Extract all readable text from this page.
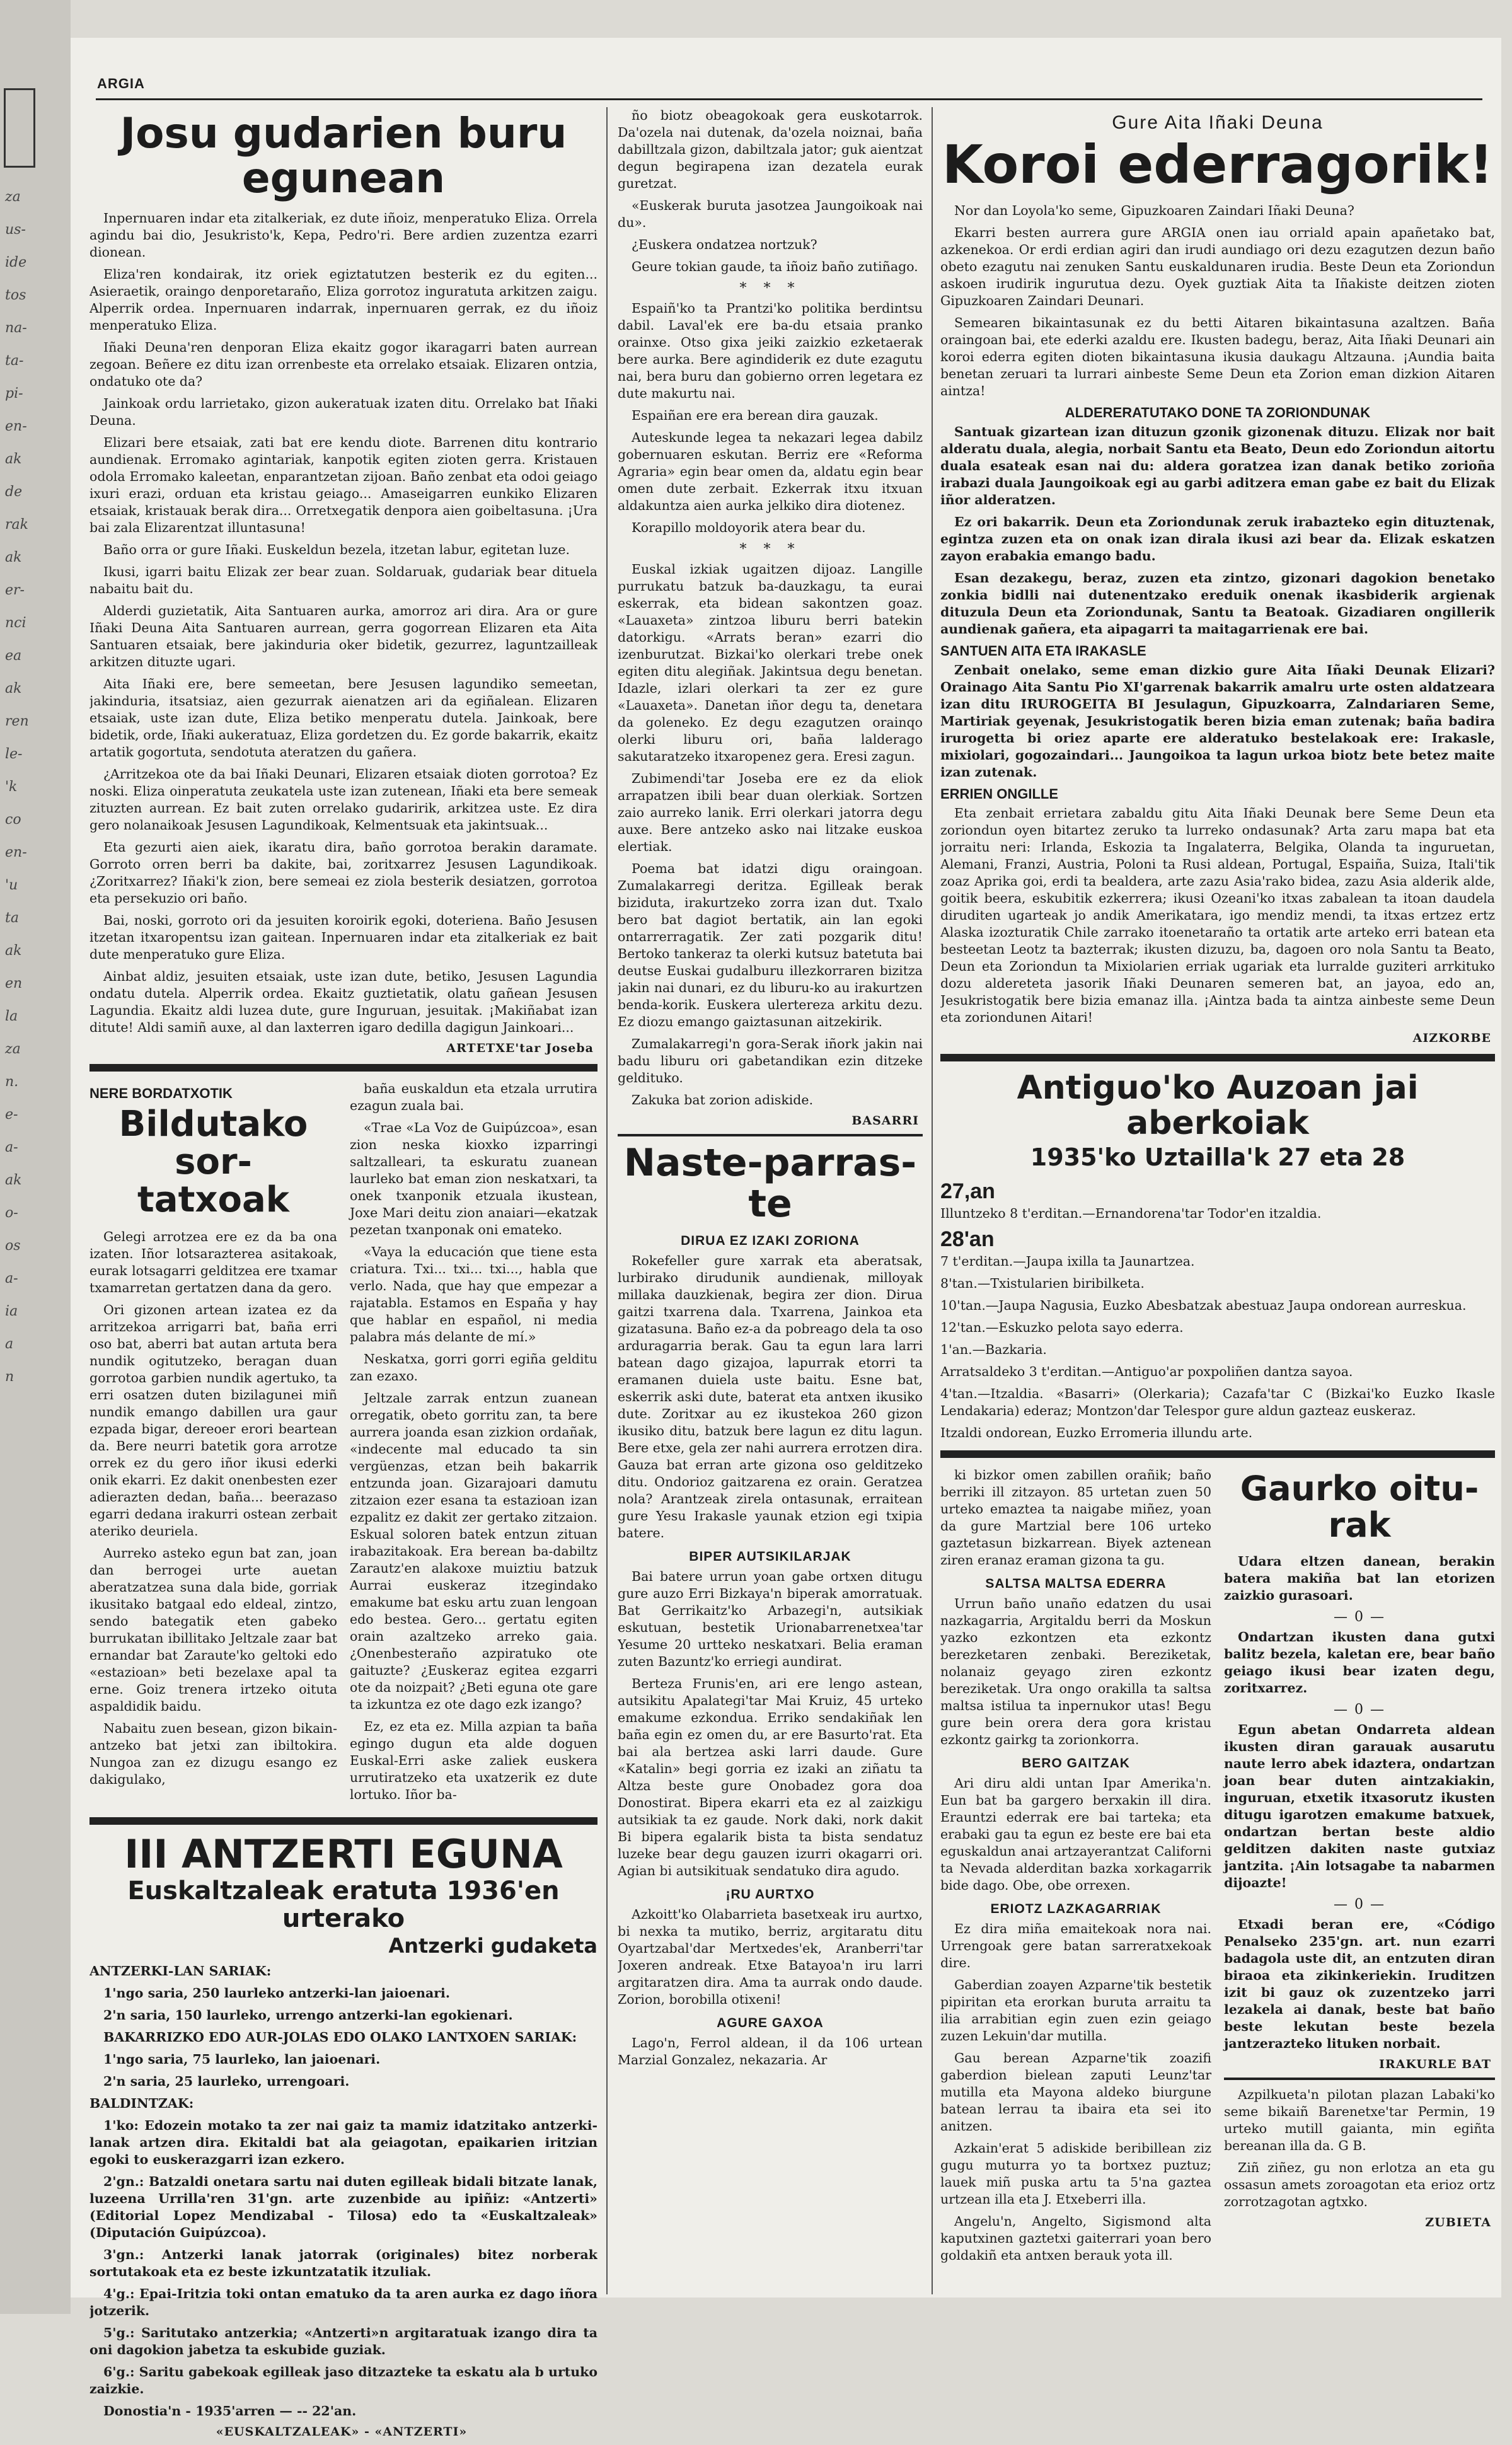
za
us-
ide
tos
na-
ta-
pi-
en-
ak
de
rak
ak
er-
nci
ea
ak
ren
le-
'k
co
en-
'u
ta
ak
en
la
za
n.
e-
a-
ak
o-
os
a-
ia
a
n
ARGIA
Josu gudarien buru
egunean

Inpernuaren indar eta zitalkeriak, ez dute iñoiz, menperatuko Eliza. Orrela agindu bai dio, Jesukristo'k, Kepa, Pedro'ri. Bere ardien zuzentza ezarri dionean.

Eliza'ren kondairak, itz oriek egiztatutzen besterik ez du egiten... Asieraetik, oraingo denporetaraño, Eliza gorrotoz inguratuta arkitzen zaigu. Alperrik ordea. Inpernuaren indarrak, inpernuaren gerrak, ez du iñoiz menperatuko Eliza.

Iñaki Deuna'ren denporan Eliza ekaitz gogor ikaragarri baten aurrean zegoan. Beñere ez ditu izan orrenbeste eta orrelako etsaiak. Elizaren ontzia, ondatuko ote da?

Jainkoak ordu larrietako, gizon aukeratuak izaten ditu. Orrelako bat Iñaki Deuna.

Elizari bere etsaiak, zati bat ere kendu diote. Barrenen ditu kontrario aundienak. Erromako agintariak, kanpotik egiten zioten gerra. Kristauen odola Erromako kaleetan, enparantzetan zijoan. Baño zenbat eta odoi geiago ixuri erazi, orduan eta kristau geiago... Amaseigarren eunkiko Elizaren etsaiak, kristauak berak dira... Orretxegatik denpora aien goibeltasuna. ¡Ura bai zala Elizarentzat illuntasuna!

Baño orra or gure Iñaki. Euskeldun bezela, itzetan labur, egitetan luze.

Ikusi, igarri baitu Elizak zer bear zuan. Soldaruak, gudariak bear dituela nabaitu bait du.

Alderdi guzietatik, Aita Santuaren aurka, amorroz ari dira. Ara or gure Iñaki Deuna Aita Santuaren aurrean, gerra gogorrean Elizaren eta Aita Santuaren etsaiak, bere jakinduria oker bidetik, gezurrez, laguntzailleak arkitzen dituzte ugari.

Aita Iñaki ere, bere semeetan, bere Jesusen lagundiko semeetan, jakinduria, itsatsiaz, aien gezurrak aienatzen ari da egiñalean. Elizaren etsaiak, uste izan dute, Eliza betiko menperatu dutela. Jainkoak, bere bidetik, orde, Iñaki aukeratuaz, Eliza gordetzen du. Ez gorde bakarrik, ekaitz artatik gogortuta, sendotuta ateratzen du gañera.

¿Arritzekoa ote da bai Iñaki Deunari, Elizaren etsaiak dioten gorrotoa? Ez noski. Eliza oinperatuta zeukatela uste izan zutenean, Iñaki eta bere semeak zituzten aurrean. Ez bait zuten orrelako gudaririk, arkitzea uste. Ez dira gero nolanaikoak Jesusen Lagundikoak, Kelmentsuak eta jakintsuak...

Eta gezurti aien aiek, ikaratu dira, baño gorrotoa berakin daramate. Gorroto orren berri ba dakite, bai, zoritxarrez Jesusen Lagundikoak. ¿Zoritxarrez? Iñaki'k zion, bere semeai ez ziola besterik desiatzen, gorrotoa eta persekuzio ori baño.

Bai, noski, gorroto ori da jesuiten koroirik egoki, doteriena. Baño Jesusen itzetan itxaropentsu izan gaitean. Inpernuaren indar eta zitalkeriak ez bait dute menperatuko gure Eliza.

Ainbat aldiz, jesuiten etsaiak, uste izan dute, betiko, Jesusen Lagundia ondatu dutela. Alperrik ordea. Ekaitz guztietatik, olatu gañean Jesusen Lagundia. Ekaitz aldi luzea dute, gure Inguruan, jesuitak. ¡Makiñabat izan ditute! Aldi samiñ auxe, al dan laxterren igaro dedilla dagigun Jainkoari...

ARTETXE'tar Joseba
NERE BORDATXOTIK
Bildutako sor-
tatxoak

Gelegi arrotzea ere ez da ba ona izaten. Iñor lotsarazterea asitakoak, eurak lotsagarri gelditzea ere txamar txamarretan gertatzen dana da gero.

Ori gizonen artean izatea ez da arritzekoa arrigarri bat, baña erri oso bat, aberri bat autan artuta bera nundik ogitutzeko, beragan duan gorrotoa garbien nundik agertuko, ta erri osatzen duten bizilagunei miñ nundik emango dabillen ura gaur ezpada bigar, dereoer erori beartean da. Bere neurri batetik gora arrotze orrek ez du gero iñor ikusi ederki onik ekarri. Ez dakit onenbesten ezer adierazten dedan, baña... beerazaso egarri dedana irakurri ostean zerbait ateriko deuriela.

Aurreko asteko egun bat zan, joan dan berrogei urte auetan aberatzatzea suna dala bide, gorriak ikusitako batgaal edo eldeal, zintzo, sendo bategatik eten gabeko burrukatan ibillitako Jeltzale zaar bat ernandar bat Zaraute'ko geltoki edo «estazioan» beti bezelaxe apal ta erne. Goiz trenera irtzeko oituta aspaldidik baidu.

Nabaitu zuen besean, gizon bikain-antzeko bat jetxi zan ibiltokira. Nungoa zan ez dizugu esango ez dakigulako,

baña euskaldun eta etzala urrutira ezagun zuala bai.

«Trae «La Voz de Guipúzcoa», esan zion neska kioxko izparringi saltzalleari, ta eskuratu zuanean laurleko bat eman zion neskatxari, ta onek txanponik etzuala ikustean, Joxe Mari deitu zion anaiari—ekatzak pezetan txanponak oni emateko.

«Vaya la educación que tiene esta criatura. Txi... txi... txi..., habla que verlo. Nada, que hay que empezar a rajatabla. Estamos en España y hay que hablar en español, ni media palabra más delante de mí.»

Neskatxa, gorri gorri egiña gelditu zan ezaxo.

Jeltzale zarrak entzun zuanean orregatik, obeto gorritu zan, ta bere aurrera joanda esan zizkion ordañak, «indecente mal educado ta sin vergüenzas, etzan beih bakarrik entzunda joan. Gizarajoari damutu zitzaion ezer esana ta estazioan izan ezpalitz ez dakit zer gertako zitzaion. Eskual soloren batek entzun zituan irabazitakoak. Era berean ba-dabiltz Zarautz'en alakoxe muiztiu batzuk Aurrai euskeraz itzegindako emakume bat esku artu zuan lengoan edo bestea. Gero... gertatu egiten orain azaltzeko arreko gaia. ¿Onenbesteraño azpiratuko ote gaituzte? ¿Euskeraz egitea ezgarri ote da noizpait? ¿Beti eguna ote gare ta izkuntza ez ote dago ezk izango?

Ez, ez eta ez. Milla azpian ta baña egingo dugun eta alde doguen Euskal-Erri aske zaliek euskera urrutiratzeko eta uxatzerik ez dute lortuko. Iñor ba-

III ANTZERTI EGUNA
Euskaltzaleak eratuta 1936'en urterako
Antzerki gudaketa

ANTZERKI-LAN SARIAK:

1'ngo saria, 250 laurleko antzerki-lan jaioenari.

2'n saria, 150 laurleko, urrengo antzerki-lan egokienari.

BAKARRIZKO EDO AUR-JOLAS EDO OLAKO LANTXOEN SARIAK:

1'ngo saria, 75 laurleko, lan jaioenari.

2'n saria, 25 laurleko, urrengoari.

BALDINTZAK:

1'ko: Edozein motako ta zer nai gaiz ta mamiz idatzitako antzerki-lanak artzen dira. Ekitaldi bat ala geiagotan, epaikarien iritzian egoki to euskerazgarri izan ezkero.

2'gn.: Batzaldi onetara sartu nai duten egilleak bidali bitzate lanak, luzeena Urrilla'ren 31'gn. arte zuzenbide au ipiñiz: «Antzerti» (Editorial Lopez Mendizabal - Tilosa) edo ta «Euskaltzaleak» (Diputación Guipúzcoa).

3'gn.: Antzerki lanak jatorrak (originales) bitez norberak sortutakoak eta ez beste izkuntzatatik itzuliak.

4'g.: Epai-Iritzia toki ontan ematuko da ta aren aurka ez dago iñora jotzerik.

5'g.: Saritutako antzerkia; «Antzerti»n argitaratuak izango dira ta oni dagokion jabetza ta eskubide guziak.

6'g.: Saritu gabekoak egilleak jaso ditzazteke ta eskatu ala b urtuko zaizkie.

Donostia'n - 1935'arren — -- 22'an.

«EUSKALTZALEAK» - «ANTZERTI»

ño biotz obeagokoak gera euskotarrok. Da'ozela nai dutenak, da'ozela noiznai, baña dabilltzala gizon, dabiltzala jator; guk aientzat degun begirapena izan dezatela eurak guretzat.

«Euskerak buruta jasotzea Jaungoikoak nai du».

¿Euskera ondatzea nortzuk?

Geure tokian gaude, ta iñoiz baño zutiñago.

* * *

Espaiñ'ko ta Prantzi'ko politika berdintsu dabil. Laval'ek ere ba-du etsaia pranko orainxe. Otso gixa jeiki zaizkio ezketaerak bere aurka. Bere agindiderik ez dute ezagutu nai, bera buru dan gobierno orren legetara ez dute makurtu nai.

Espaiñan ere era berean dira gauzak.

Auteskunde legea ta nekazari legea dabilz gobernuaren eskutan. Berriz ere «Reforma Agraria» egin bear omen da, aldatu egin bear omen dute zerbait. Ezkerrak itxu itxuan aldakuntza aien aurka jelkiko dira diotenez.

Korapillo moldoyorik atera bear du.

* * *

Euskal izkiak ugaitzen dijoaz. Langille purrukatu batzuk ba-dauzkagu, ta eurai eskerrak, eta bidean sakontzen goaz. «Lauaxeta» zintzoa liburu berri batekin datorkigu. «Arrats beran» ezarri dio izenburutzat. Bizkai'ko olerkari trebe onek egiten ditu alegiñak. Jakintsua degu benetan. Idazle, izlari olerkari ta zer ez gure «Lauaxeta». Danetan iñor degu ta, denetara da goleneko. Ez degu ezagutzen orainqo olerki liburu ori, baña lalderago sakutaratzeko itxaropenez gera. Eresi zagun.

Zubimendi'tar Joseba ere ez da eliok arrapatzen ibili bear duan olerkiak. Sortzen zaio aurreko lanik. Erri olerkari jatorra degu auxe. Bere antzeko asko nai litzake euskoa elertiak.

Poema bat idatzi digu oraingoan. Zumalakarregi deritza. Egilleak berak biziduta, irakurtzeko zorra izan dut. Txalo bero bat dagiot bertatik, ain lan egoki ontarrerragatik. Zer zati pozgarik ditu! Bertoko tankeraz ta olerki kutsuz batetuta bai deutse Euskai gudalburu illezkorraren bizitza jakin nai dunari, ez du liburu-ko au irakurtzen benda-korik. Euskera ulertereza arkitu dezu. Ez diozu emango gaiztasunan aitzekirik.

Zumalakarregi'n gora-Serak iñork jakin nai badu liburu ori gabetandikan ezin ditzeke geldituko.

Zakuka bat zorion adiskide.

BASARRI
Naste-parras-
te
DIRUA EZ IZAKI ZORIONA

Rokefeller gure xarrak eta aberatsak, lurbirako dirudunik aundienak, milloyak millaka dauzkienak, begira zer dion. Dirua gaitzi txarrena dala. Txarrena, Jainkoa eta gizatasuna. Baño ez-a da pobreago dela ta oso arduragarria berak. Gau ta egun lara larri batean dago gizajoa, lapurrak etorri ta eramanen duiela uste baitu. Esne bat, eskerrik aski dute, baterat eta antxen ikusiko dute. Zoritxar au ez ikustekoa 260 gizon ikusiko ditu, batzuk bere lagun ez ditu lagun. Bere etxe, gela zer nahi aurrera errotzen dira. Gauza bat erran arte gizona oso gelditzeko ditu. Ondorioz gaitzarena ez orain. Geratzea nola? Arantzeak zirela ontasunak, erraitean gure Yesu Irakasle yaunak etzion egi txipia batere.

BIPER AUTSIKILARJAK

Bai batere urrun yoan gabe ortxen ditugu gure auzo Erri Bizkaya'n biperak amorratuak. Bat Gerrikaitz'ko Arbazegi'n, autsikiak eskutuan, bestetik Urionabarrenetxea'tar Yesume 20 urtteko neskatxari. Belia eraman zuten Bazuntz'ko erriegi aundirat.

Berteza Frunis'en, ari ere lengo astean, autsikitu Apalategi'tar Mai Kruiz, 45 urteko emakume ezkondua. Erriko sendakiñak len baña egin ez omen du, ar ere Basurto'rat. Eta bai ala bertzea aski larri daude. Gure «Katalin» begi gorria ez izaki an ziñatu ta Altza beste gure Onobadez gora doa Donostirat. Bipera ekarri eta ez al zaizkigu autsikiak ta ez gaude. Nork daki, nork dakit Bi bipera egalarik bista ta bista sendatuz luzeke bear degu gauzen izurri okagarri ori. Agian bi autsikituak sendatuko dira agudo.

¡RU AURTXO

Azkoitt'ko Olabarrieta basetxeak iru aurtxo, bi nexka ta mutiko, berriz, argitaratu ditu Oyartzabal'dar Mertxedes'ek, Aranberri'tar Joxeren andreak. Etxe Batayoa'n iru larri argitaratzen dira. Ama ta aurrak ondo daude. Zorion, borobilla otixeni!

AGURE GAXOA

Lago'n, Ferrol aldean, il da 106 urtean Marzial Gonzalez, nekazaria. Ar

Gure Aita Iñaki Deuna
Koroi ederragorik!

Nor dan Loyola'ko seme, Gipuzkoaren Zaindari Iñaki Deuna?

Ekarri besten aurrera gure ARGIA onen iau orriald apain apañetako bat, azkenekoa. Or erdi erdian agiri dan irudi aundiago ori dezu ezagutzen dezun baño obeto ezagutu nai zenuken Santu euskaldunaren irudia. Beste Deun eta Zoriondun askoen irudirik ingurutua dezu. Oyek guztiak Aita ta Iñakiste deitzen zioten Gipuzkoaren Zaindari Deunari.

Semearen bikaintasunak ez du betti Aitaren bikaintasuna azaltzen. Baña oraingoan bai, ete ederki azaldu ere. Ikusten badegu, beraz, Aita Iñaki Deunari ain koroi ederra egiten dioten bikaintasuna ikusia daukagu Altzauna. ¡Aundia baita benetan zeruari ta lurrari ainbeste Seme Deun eta Zorion eman dizkion Aitaren aintza!

ALDERERATUTAKO DONE TA ZORIONDUNAK

Santuak gizartean izan dituzun gzonik gizonenak dituzu. Elizak nor bait alderatu duala, alegia, norbait Santu eta Beato, Deun edo Zoriondun aitortu duala esateak esan nai du: aldera goratzea izan danak betiko zorioña irabazi duala Jaungoikoak egi au garbi aditzera eman gabe ez bait du Elizak iñor alderatzen.

Ez ori bakarrik. Deun eta Zoriondunak zeruk irabazteko egin dituztenak, egintza zuzen eta on onak izan dirala ikusi azi bear da. Elizak eskatzen zayon erabakia emango badu.

Esan dezakegu, beraz, zuzen eta zintzo, gizonari dagokion benetako zonkia bidlli nai dutenentzako ereduik onenak ikasbiderik argienak dituzula Deun eta Zoriondunak, Santu ta Beatoak. Gizadiaren ongillerik aundienak gañera, eta aipagarri ta maitagarrienak ere bai.

SANTUEN AITA ETA IRAKASLE

Zenbait onelako, seme eman dizkio gure Aita Iñaki Deunak Elizari? Orainago Aita Santu Pio XI'garrenak bakarrik amalru urte osten aldatzeara izan ditu IRUROGEITA BI Jesulagun, Gipuzkoarra, Zalndariaren Seme, Martiriak geyenak, Jesukristogatik beren bizia eman zutenak; baña badira irurogetta bi oriez aparte ere alderatuko bestelakoak ere: Irakasle, mixiolari, gogozaindari... Jaungoikoa ta lagun urkoa biotz bete betez maite izan zutenak.

ERRIEN ONGILLE

Eta zenbait errietara zabaldu gitu Aita Iñaki Deunak bere Seme Deun eta zoriondun oyen bitartez zeruko ta lurreko ondasunak? Arta zaru mapa bat eta jorraitu neri: Irlanda, Eskozia ta Ingalaterra, Belgika, Olanda ta inguruetan, Alemani, Franzi, Austria, Poloni ta Rusi aldean, Portugal, Espaiña, Suiza, Itali'tik zoaz Aprika goi, erdi ta bealdera, arte zazu Asia'rako bidea, zazu Asia alderik alde, goitik beera, eskubitik ezkerrera; ikusi Ozeani'ko itxas zabalean ta itoan daudela diruditen ugarteak jo andik Amerikatara, igo mendiz mendi, ta itxas ertzez ertz Alaska izozturatik Chile zarrako itoenetaraño ta ortatik arte arteko erri batean eta besteetan Leotz ta bazterrak; ikusten dizuzu, ba, dagoen oro nola Santu ta Beato, Deun eta Zoriondun ta Mixiolarien erriak ugariak eta lurralde guziteri arrkituko dozu aldereteta jasorik Iñaki Deunaren semeren bat, an jayoa, edo an, Jesukristogatik bere bizia emanaz illa. ¡Aintza bada ta aintza ainbeste seme Deun eta zoriondunen Aitari!

AIZKORBE
Antiguo'ko Auzoan jai
aberkoiak
1935'ko Uztailla'k 27 eta 28
27,an

Illuntzeko 8 t'erditan.—Ernandorena'tar Todor'en itzaldia.

28'an

7 t'erditan.—Jaupa ixilla ta Jaunartzea.

8'tan.—Txistularien biribilketa.

10'tan.—Jaupa Nagusia, Euzko Abesbatzak abestuaz Jaupa ondorean aurreskua.

12'tan.—Eskuzko pelota sayo ederra.

1'an.—Bazkaria.

Arratsaldeko 3 t'erditan.—Antiguo'ar poxpoliñen dantza sayoa.

4'tan.—Itzaldia. «Basarri» (Olerkaria); Cazafa'tar C (Bizkai'ko Euzko Ikasle Lendakaria) ederaz; Montzon'dar Telespor gure aldun gazteaz euskeraz.

Itzaldi ondorean, Euzko Erromeria illundu arte.

ki bizkor omen zabillen orañik; baño berriki ill zitzayon. 85 urtetan zuen 50 urteko emaztea ta naigabe miñez, yoan da gure Martzial bere 106 urteko gaztetasun bizkarrean. Biyek aztenean ziren eranaz eraman gizona ta gu.

SALTSA MALTSA EDERRA

Urrun baño unaño edatzen du usai nazkagarria, Argitaldu berri da Moskun yazko ezkontzen eta ezkontz berezketaren zenbaki. Bereziketak, nolanaiz geyago ziren ezkontz bereziketak. Ura ongo orakilla ta saltsa maltsa istilua ta inpernukor utas! Begu gure bein orera dera gora kristau ezkontz gairkg ta zorionkorra.

BERO GAITZAK

Ari diru aldi untan Ipar Amerika'n. Eun bat ba gargero berxakin ill dira. Erauntzi ederrak ere bai tarteka; eta erabaki gau ta egun ez beste ere bai eta eguskaldun anai artzayerantzat Californi ta Nevada alderditan bazka xorkagarrik bide dago. Obe, obe orrexen.

ERIOTZ LAZKAGARRIAK

Ez dira miña emaitekoak nora nai. Urrengoak gere batan sarreratxekoak dire.

Gaberdian zoayen Azparne'tik bestetik pipiritan eta erorkan buruta arraitu ta ilia arrabitian egin zuen ezin geiago zuzen Lekuin'dar mutilla.

Gau berean Azparne'tik zoazifi gaberdion bielean zaputi Leunz'tar mutilla eta Mayona aldeko biurgune batean lerrau ta ibaira eta sei ito anitzen.

Azkain'erat 5 adiskide beribillean ziz gugu muturra yo ta bortxez puztuz; lauek miñ puska artu ta 5'na gaztea urtzean illa eta J. Etxeberri illa.

Angelu'n, Angelto, Sigismond alta kaputxinen gaztetxi gaiterrari yoan bero goldakiñ eta antxen berauk yota ill.

Gaurko oitu-
rak

Udara eltzen danean, berakin batera makiña bat lan etorizen zaizkio gurasoari.

— 0 —

Ondartzan ikusten dana gutxi balitz bezela, kaletan ere, bear baño geiago ikusi bear izaten degu, zoritxarrez.

— 0 —

Egun abetan Ondarreta aldean ikusten diran garauak ausarutu naute lerro abek idaztera, ondartzan joan bear duten aintzakiakin, inguruan, etxetik itxasorutz ikusten ditugu igarotzen emakume batxuek, ondartzan bertan beste aldio gelditzen dakiten naste gutxiaz jantzita. ¡Ain lotsagabe ta nabarmen dijoazte!

— 0 —

Etxadi beran ere, «Código Penalseko 235'gn. art. nun ezarri badagola uste dit, an entzuten diran biraoa eta zikinkeriekin. Iruditzen izit bi gauz ok zuzentzeko jarri lezakela ai danak, beste bat baño beste lekutan beste bezela jantzerazteko lituken norbait.

IRAKURLE BAT

Azpilkueta'n pilotan plazan Labaki'ko seme bikaiñ Barenetxe'tar Permin, 19 urteko mutill gaianta, min egiñta bereanan illa da. G B.

Ziñ ziñez, gu non erlotza an eta gu ossasun amets zoroagotan eta erioz ortz zorrotzagotan agtxko.

ZUBIETA
